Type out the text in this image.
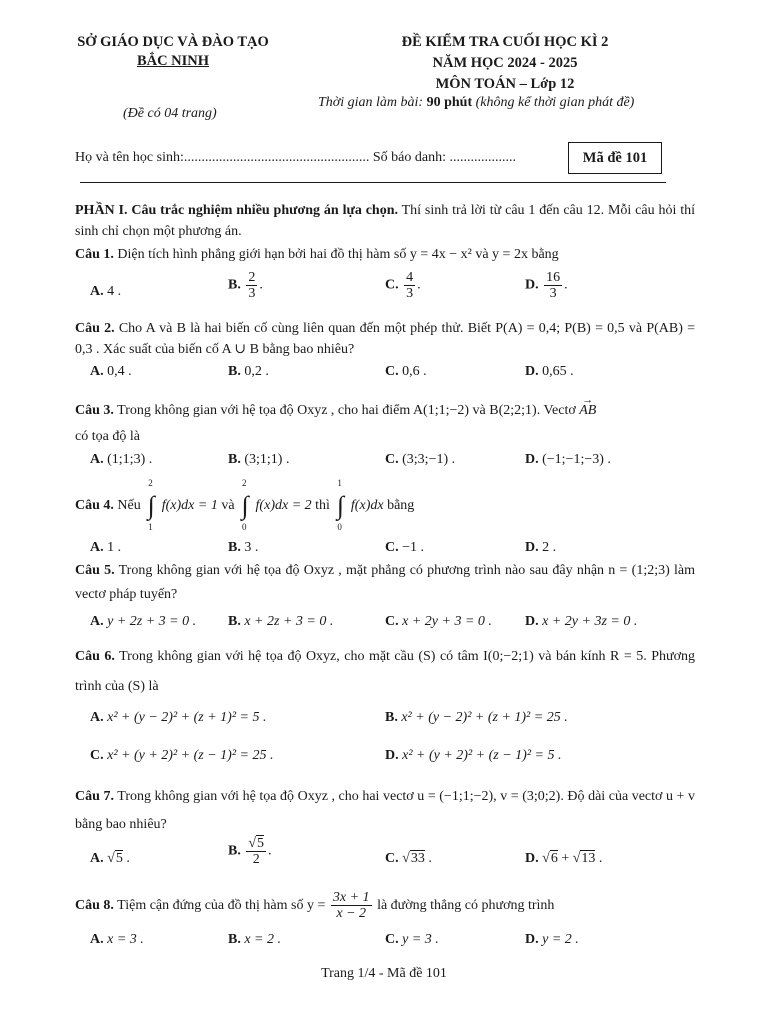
SỞ GIÁO DỤC VÀ ĐÀO TẠO
BẮC NINH
(Đề có 04 trang)
ĐỀ KIỂM TRA CUỐI HỌC KÌ 2
NĂM HỌC 2024 - 2025
MÔN TOÁN – Lớp 12
Thời gian làm bài: 90 phút (không kể thời gian phát đề)
Họ và tên học sinh:..................................................... Số báo danh: ...................	Mã đề 101
PHẦN I. Câu trắc nghiệm nhiều phương án lựa chọn. Thí sinh trả lời từ câu 1 đến câu 12. Mỗi câu hỏi thí sinh chỉ chọn một phương án.
Câu 1. Diện tích hình phẳng giới hạn bởi hai đồ thị hàm số y = 4x − x² và y = 2x bằng
A. 4 .	B. $\frac{2}{3}$ .	C. $\frac{4}{3}$ .	D. $\frac{16}{3}$ .
Câu 2. Cho A và B là hai biến cố cùng liên quan đến một phép thử. Biết P(A) = 0,4; P(B) = 0,5 và P(AB) = 0,3 . Xác suất của biến cố A ∪ B bằng bao nhiêu?
A. 0,4 .	B. 0,2 .	C. 0,6 .	D. 0,65 .
Câu 3. Trong không gian với hệ tọa độ Oxyz , cho hai điểm A(1;1;−2) và B(2;2;1). Vectơ → AB
có tọa độ là
A. (1;1;3) .	B. (3;1;1) .	C. (3;3;−1) .	D. (−1;−1;−3) .
Câu 4. Nếu ∫
2
1
f(x)dx = 1 và ∫
2
0
f(x)dx = 2 thì ∫
1
0
f(x)dx bằng
A. 1 .	B. 3 .	C. −1 .	D. 2 .
Câu 5. Trong không gian với hệ tọa độ Oxyz , mặt phẳng có phương trình nào sau đây nhận n = (1;2;3) làm vectơ pháp tuyến?
A. y + 2z + 3 = 0 . B. x + 2z + 3 = 0 .	C. x + 2y + 3 = 0 . D. x + 2y + 3z = 0 .
Câu 6. Trong không gian với hệ tọa độ Oxyz, cho mặt cầu (S) có tâm I(0;−2;1) và bán kính R = 5. Phương trình của (S) là
A. x² + (y − 2)² + (z + 1)² = 5 .	B. x² + (y − 2)² + (z + 1)² = 25 .
C. x² + (y + 2)² + (z − 1)² = 25 .	D. x² + (y + 2)² + (z − 1)² = 5 .
Câu 7. Trong không gian với hệ tọa độ Oxyz , cho hai vectơ u = (−1;1;−2), v = (3;0;2). Độ dài của vectơ u + v bằng bao nhiêu?
A. √5 .	B. $\frac{√5}{2}$ .	C. √33 .	D. √6 + √13 .
Câu 8. Tiệm cận đứng của đồ thị hàm số $y = \frac{3x + 1}{x - 2}$ là đường thẳng có phương trình
A. x = 3 .	B. x = 2 .	C. y = 3 .	D. y = 2 .
Trang 1/4 - Mã đề 101
